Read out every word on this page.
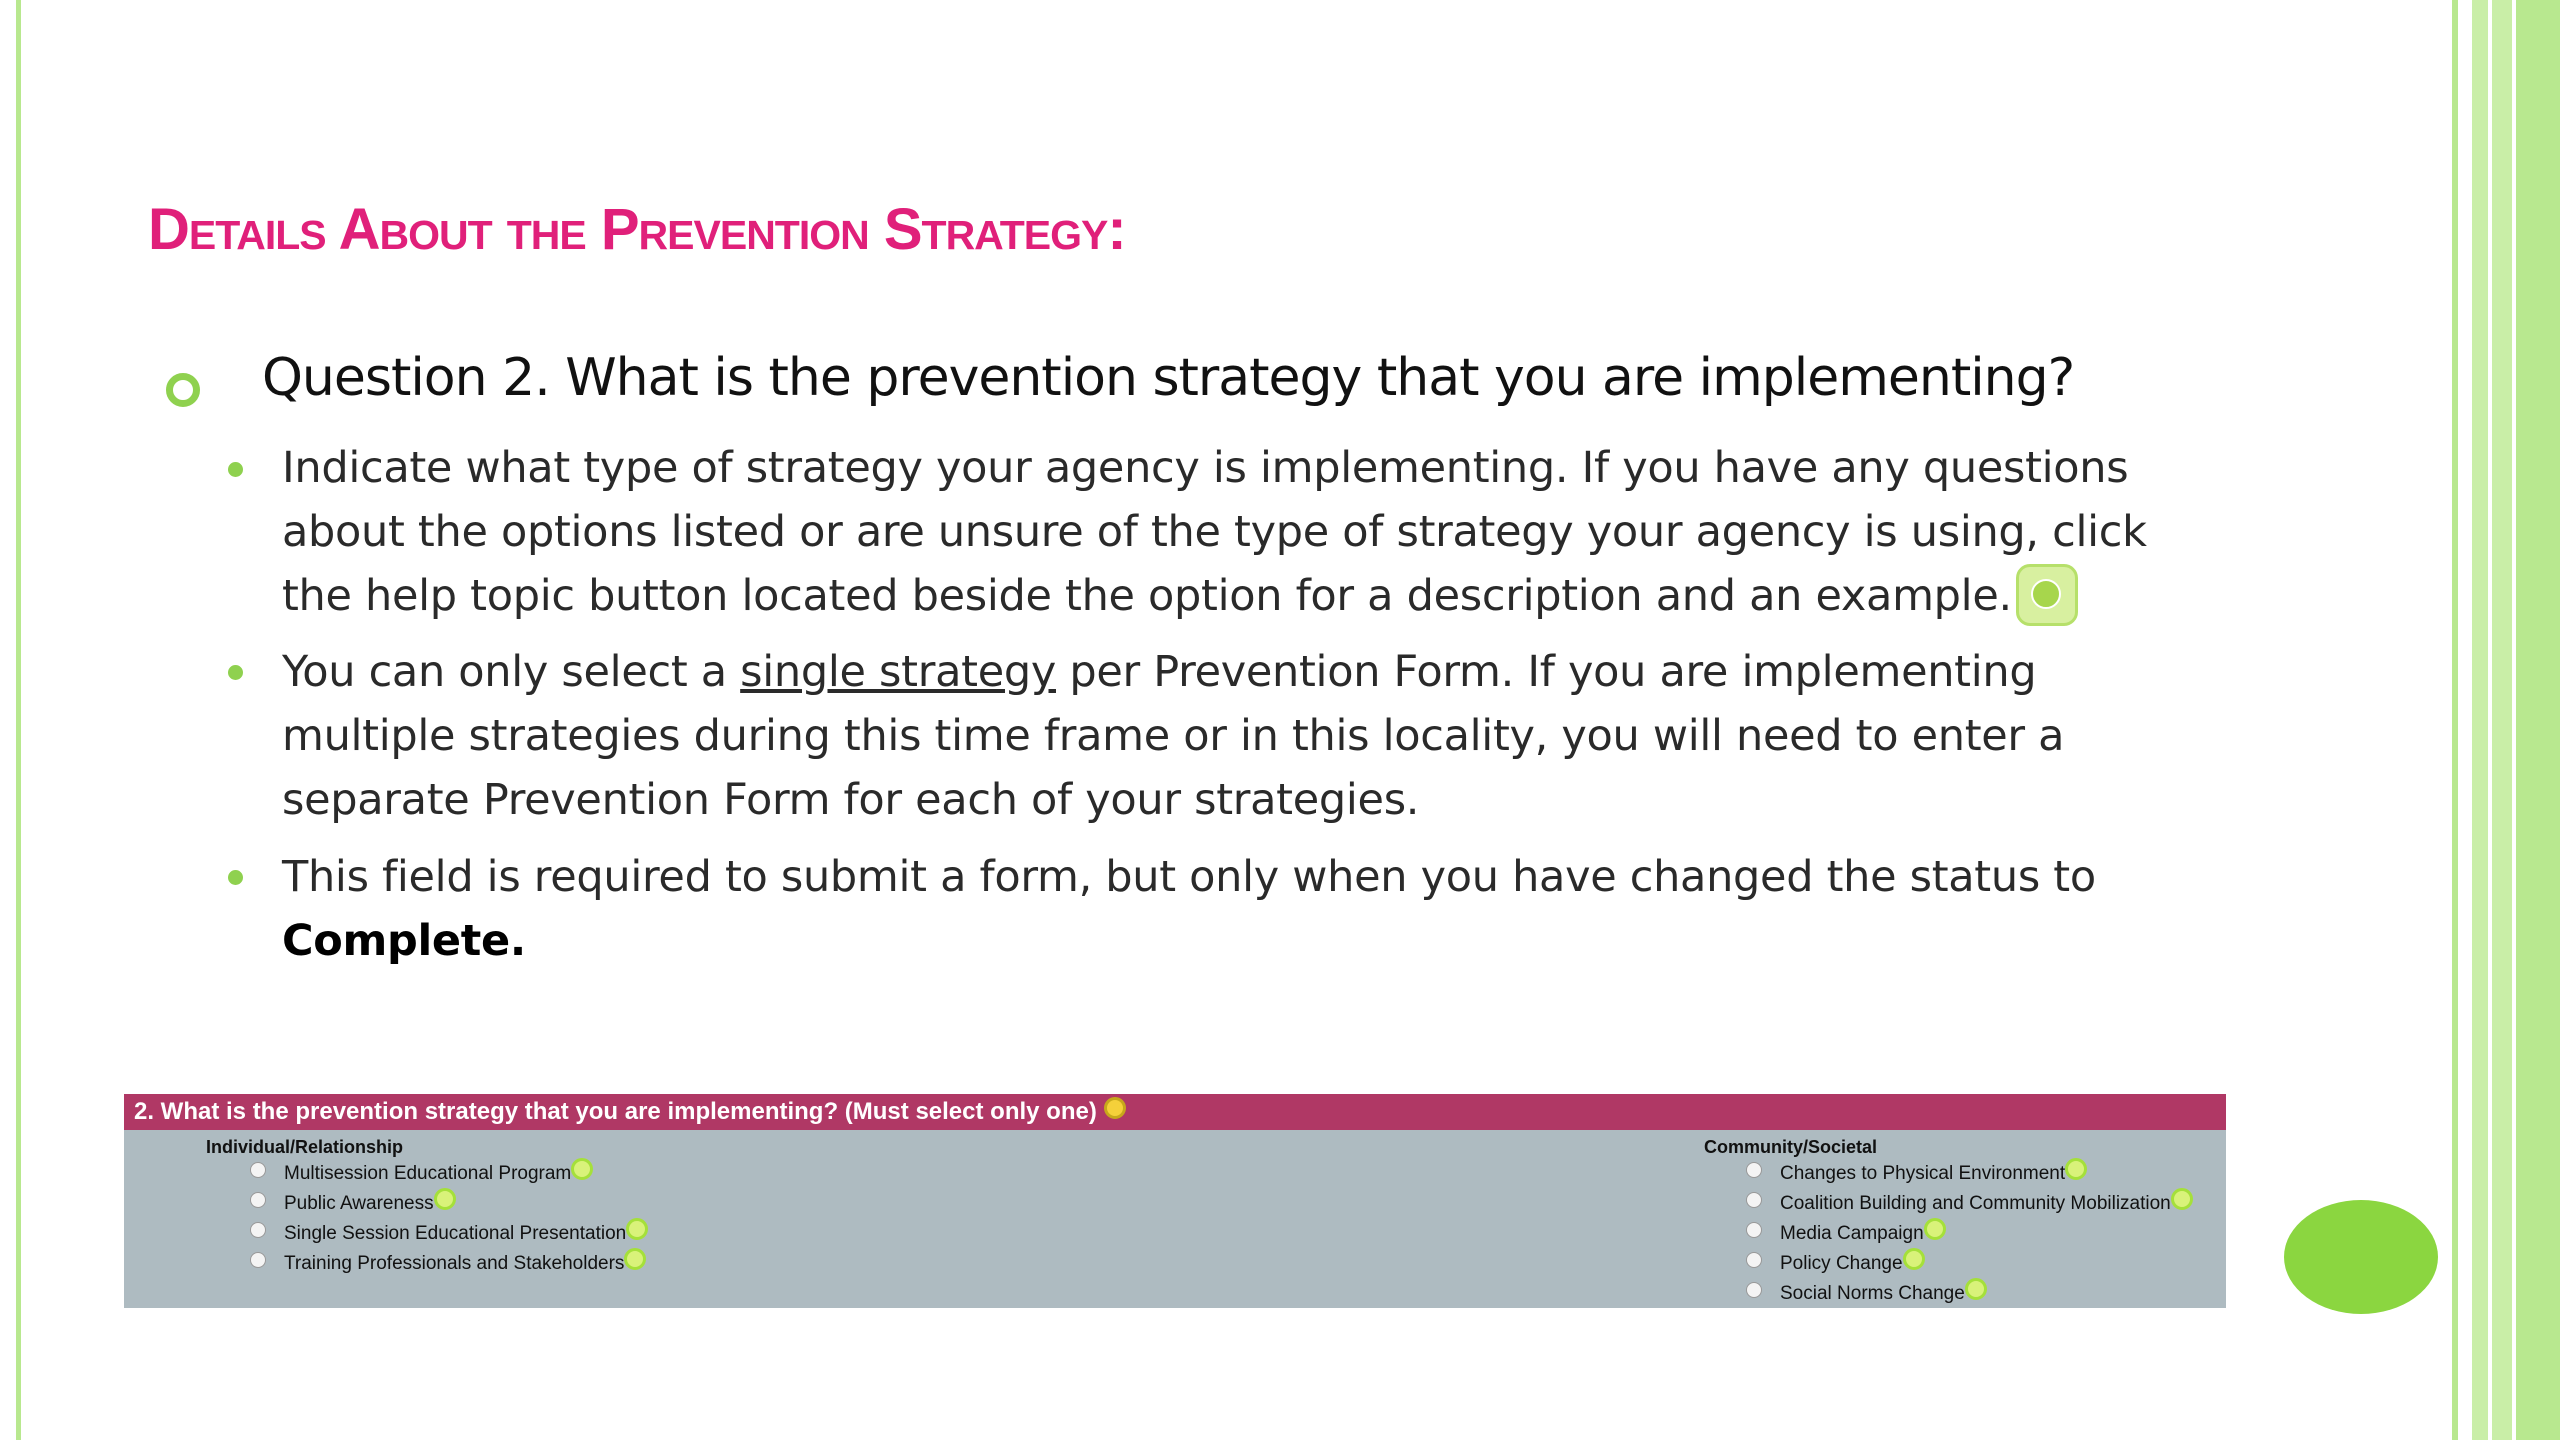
Details About the Prevention Strategy:
Question 2. What is the prevention strategy that you are implementing?
Indicate what type of strategy your agency is implementing. If you have any questions about the options listed or are unsure of the type of strategy your agency is using, click the help topic button located beside the option for a description and an example.
You can only select a single strategy per Prevention Form. If you are implementing multiple strategies during this time frame or in this locality, you will need to enter a separate Prevention Form for each of your strategies.
This field is required to submit a form, but only when you have changed the status to Complete.
2. What is the prevention strategy that you are implementing? (Must select only one)
Individual/Relationship
Multisession Educational Program
Public Awareness
Single Session Educational Presentation
Training Professionals and Stakeholders
Community/Societal
Changes to Physical Environment
Coalition Building and Community Mobilization
Media Campaign
Policy Change
Social Norms Change
